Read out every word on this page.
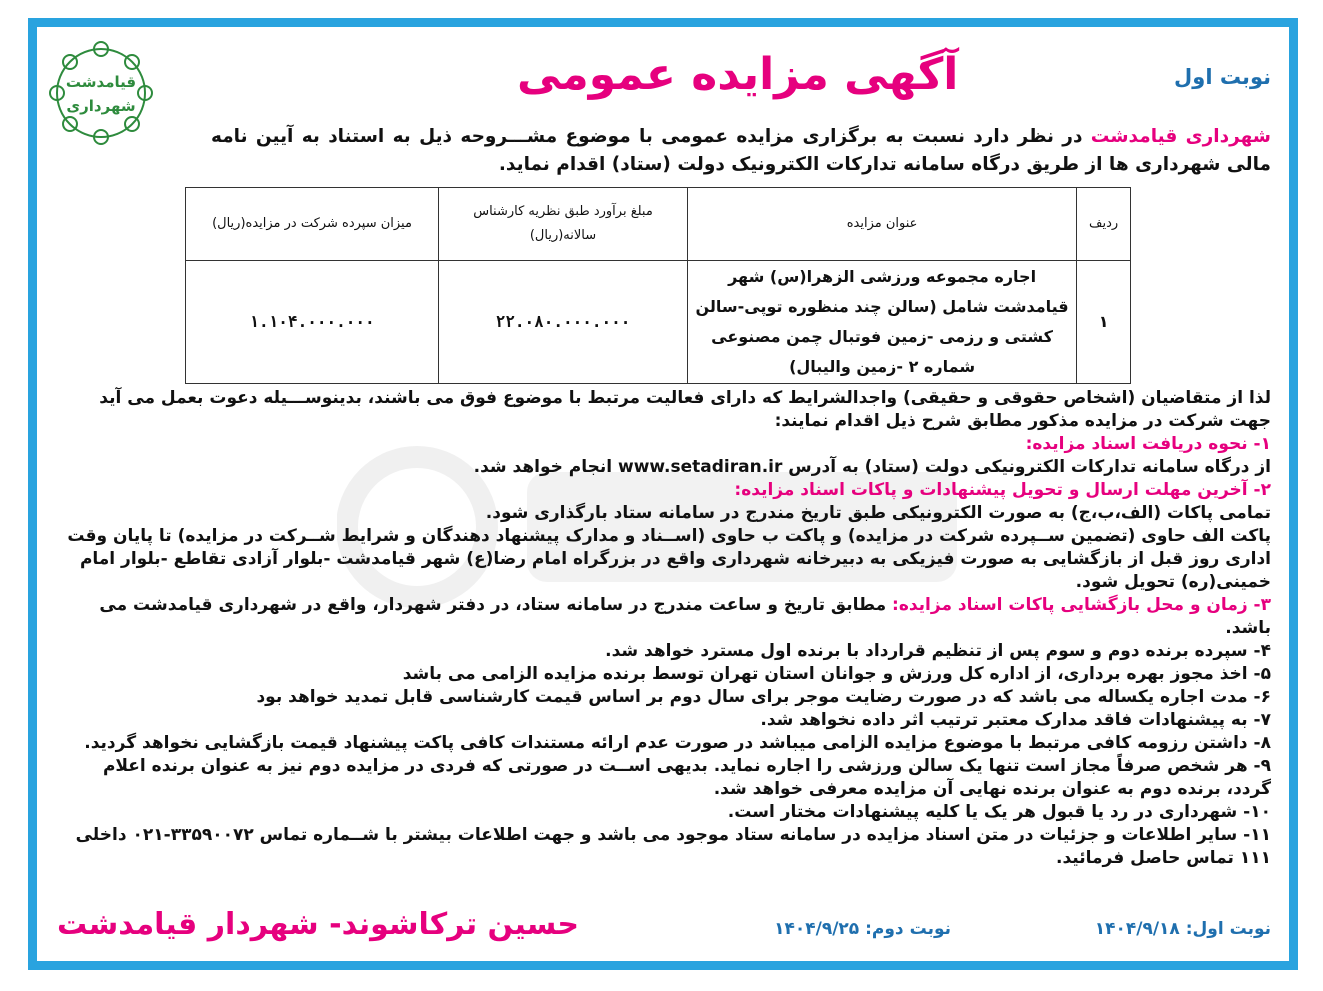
نوبت اول
آگهی مزایده عمومی
قیامدشت
شهرداری
شهرداری قیامدشت در نظر دارد نسبت به برگزاری مزایده عمومی با موضوع مشـــروحه ذیل به استناد به آیین نامه مالی شهرداری ها از طریق درگاه سامانه تدارکات الکترونیک دولت (ستاد) اقدام نماید.
ردیف	عنوان مزایده	مبلغ برآورد طبق نظریه کارشناس سالانه(ریال)	میزان سپرده شرکت در مزایده(ریال)
۱	اجاره مجموعه ورزشی الزهرا(س) شهر قیامدشت شامل (سالن چند منظوره توپی-سالن کشتی و رزمی -زمین فوتبال چمن مصنوعی شماره ۲ -زمین والیبال)	۲۲.۰۸۰.۰۰۰.۰۰۰	۱.۱۰۴.۰۰۰.۰۰۰

لذا از متقاضیان (اشخاص حقوقی و حقیقی) واجدالشرایط که دارای فعالیت مرتبط با موضوع فوق می باشند، بدینوســـیله دعوت بعمل می آید جهت شرکت در مزایده مذکور مطابق شرح ذیل اقدام نمایند:

۱- نحوه دریافت اسناد مزایده:

از درگاه سامانه تدارکات الکترونیکی دولت (ستاد) به آدرس www.setadiran.ir انجام خواهد شد.

۲- آخرین مهلت ارسال و تحویل پیشنهادات و پاکات اسناد مزایده:

تمامی پاکات (الف،ب،ج) به صورت الکترونیکی طبق تاریخ مندرج در سامانه ستاد بارگذاری شود.

پاکت الف حاوی (تضمین ســپرده شرکت در مزایده) و پاکت ب حاوی (اســناد و مدارک پیشنهاد دهندگان و شرایط شــرکت در مزایده) تا پایان وقت اداری روز قبل از بازگشایی به صورت فیزیکی به دبیرخانه شهرداری واقع در بزرگراه امام رضا(ع) شهر قیامدشت -بلوار آزادی تقاطع -بلوار امام خمینی(ره) تحویل شود.

۳- زمان و محل بازگشایی پاکات اسناد مزایده: مطابق تاریخ و ساعت مندرج در سامانه ستاد، در دفتر شهردار، واقع در شهرداری قیامدشت می باشد.

۴- سپرده برنده دوم و سوم پس از تنظیم قرارداد با برنده اول مسترد خواهد شد.

۵- اخذ مجوز بهره برداری، از اداره کل ورزش و جوانان استان تهران توسط برنده مزایده الزامی می باشد

۶- مدت اجاره یکساله می باشد که در صورت رضایت موجر برای سال دوم بر اساس قیمت کارشناسی قابل تمدید خواهد بود

۷- به پیشنهادات فاقد مدارک معتبر ترتیب اثر داده نخواهد شد.

۸- داشتن رزومه کافی مرتبط با موضوع مزایده الزامی میباشد در صورت عدم ارائه مستندات کافی پاکت پیشنهاد قیمت بازگشایی نخواهد گردید.

۹- هر شخص صرفاً مجاز است تنها یک سالن ورزشی را اجاره نماید. بدیهی اســت در صورتی که فردی در مزایده دوم نیز به عنوان برنده اعلام گردد، برنده دوم به عنوان برنده نهایی آن مزایده معرفی خواهد شد.

۱۰- شهرداری در رد یا قبول هر یک یا کلیه پیشنهادات مختار است.

۱۱- سایر اطلاعات و جزئیات در متن اسناد مزایده در سامانه ستاد موجود می باشد و جهت اطلاعات بیشتر با شــماره تماس ۳۳۵۹۰۰۷۲-۰۲۱ داخلی ۱۱۱ تماس حاصل فرمائید.

نوبت اول: ۱۴۰۴/۹/۱۸
نوبت دوم: ۱۴۰۴/۹/۲۵
حسین ترکاشوند- شهردار قیامدشت
